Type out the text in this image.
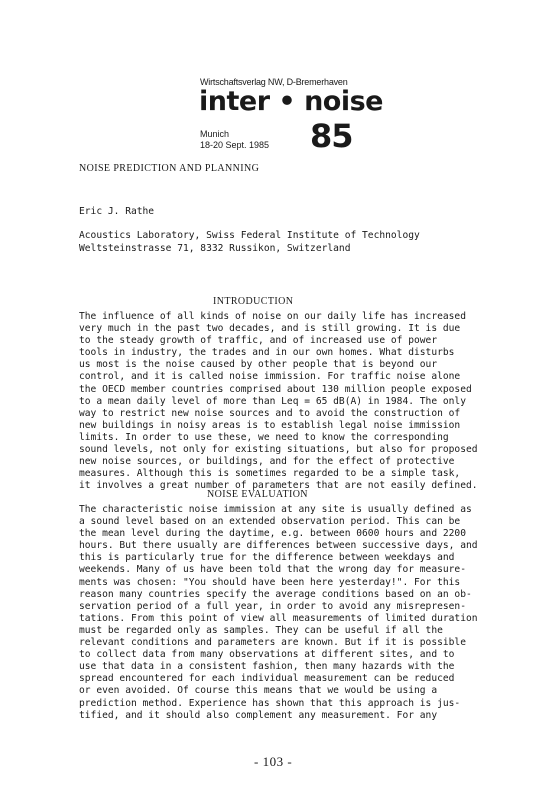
Wirtschaftsverlag NW, D-Bremerhaven
inter • noise
Munich
18-20 Sept. 1985 85
NOISE PREDICTION AND PLANNING
Eric J. Rathe
Acoustics Laboratory, Swiss Federal Institute of Technology
Weltsteinstrasse 71, 8332 Russikon, Switzerland
INTRODUCTION
The influence of all kinds of noise on our daily life has increased
very much in the past two decades, and is still growing. It is due
to the steady growth of traffic, and of increased use of power
tools in industry, the trades and in our own homes. What disturbs
us most is the noise caused by other people that is beyond our
control, and it is called noise immission. For traffic noise alone
the OECD member countries comprised about 130 million people exposed
to a mean daily level of more than Leq = 65 dB(A) in 1984. The only
way to restrict new noise sources and to avoid the construction of
new buildings in noisy areas is to establish legal noise immission
limits. In order to use these, we need to know the corresponding
sound levels, not only for existing situations, but also for proposed
new noise sources, or buildings, and for the effect of protective
measures. Although this is sometimes regarded to be a simple task,
it involves a great number of parameters that are not easily defined.
NOISE EVALUATION
The characteristic noise immission at any site is usually defined as
a sound level based on an extended observation period. This can be
the mean level during the daytime, e.g. between 0600 hours and 2200
hours. But there usually are differences between successive days, and
this is particularly true for the difference between weekdays and
weekends. Many of us have been told that the wrong day for measure-
ments was chosen: "You should have been here yesterday!". For this
reason many countries specify the average conditions based on an ob-
servation period of a full year, in order to avoid any misrepresen-
tations. From this point of view all measurements of limited duration
must be regarded only as samples. They can be useful if all the
relevant conditions and parameters are known. But if it is possible
to collect data from many observations at different sites, and to
use that data in a consistent fashion, then many hazards with the
spread encountered for each individual measurement can be reduced
or even avoided. Of course this means that we would be using a
prediction method. Experience has shown that this approach is jus-
tified, and it should also complement any measurement. For any
- 103 -
